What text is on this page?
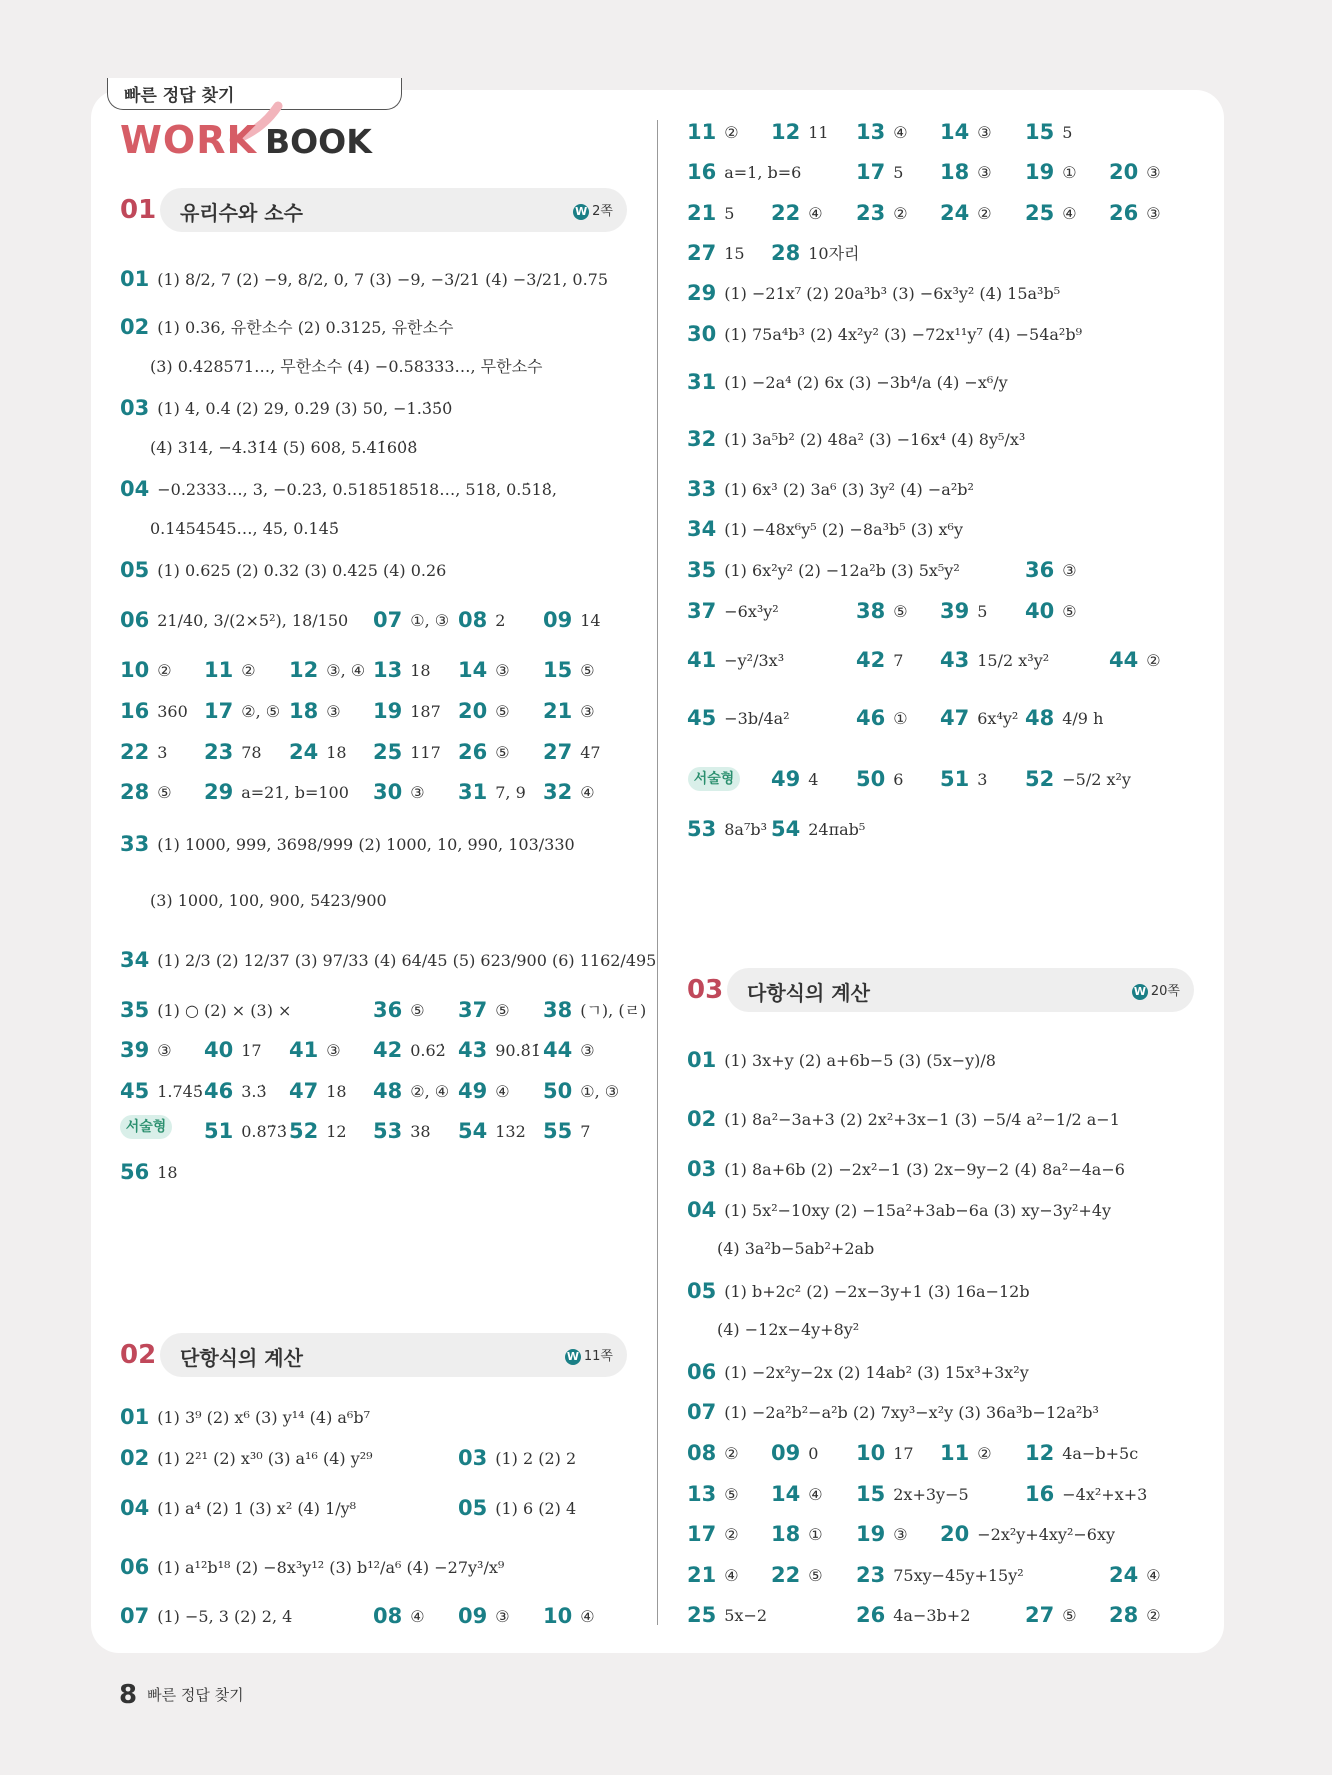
빠른 정답 찾기
WORK BOOK
01 유리수와 소수	W 2쪽
02 단항식의 계산	W 11쪽
03 다항식의 계산	W 20쪽
서술형
서술형
01 (1) 8/2, 7 (2) −9, 8/2, 0, 7 (3) −9, −3/21 (4) −3/21, 0.75
02 (1) 0.36, 유한소수 (2) 0.3125, 유한소수
(3) 0.428571…, 무한소수 (4) −0.58333…, 무한소수
03 (1) 4, 0.4̇ (2) 29, 0.2̇9̇ (3) 50, −1.3̇5̇0̇
(4) 314, −4.3̇1̇4̇ (5) 608, 5.41̇60̇8̇
04 −0.2333…, 3, −0.23̇, 0.518518518…, 518, 0.5̇18̇,
0.1454545…, 45, 0.14̇5̇
05 (1) 0.625 (2) 0.32 (3) 0.425 (4) 0.26
06 21/40, 3/(2×5²), 18/150 07 ①, ③ 08 2 09 14
10 ② 11 ② 12 ③, ④ 13 18 14 ③ 15 ⑤
16 360 17 ②, ⑤ 18 ③ 19 187 20 ⑤ 21 ③
22 3 23 78 24 18 25 117 26 ⑤ 27 47
28 ⑤ 29 a=21, b=100 30 ③ 31 7, 9 32 ④
33 (1) 1000, 999, 3698/999 (2) 1000, 10, 990, 103/330
(3) 1000, 100, 900, 5423/900
34 (1) 2/3 (2) 12/37 (3) 97/33 (4) 64/45 (5) 623/900 (6) 1162/495
35 (1) ○ (2) × (3) ×	36 ⑤ 37 ⑤ 38 (ㄱ), (ㄹ)
39 ③ 40 17 41 ③ 42 0.62̇ 43 90.8̇1̇ 44 ③
45 1.74̇5̇ 46 3.3̇ 47 18 48 ②, ④ 49 ④ 50 ①, ③
51 0.87̇3̇ 52 12 53 38 54 132 55 7
56 18
01 (1) 3⁹ (2) x⁶ (3) y¹⁴ (4) a⁶b⁷
02 (1) 2²¹ (2) x³⁰ (3) a¹⁶ (4) y²⁹	03 (1) 2 (2) 2
04 (1) a⁴ (2) 1 (3) x² (4) 1/y⁸	05 (1) 6 (2) 4
06 (1) a¹²b¹⁸ (2) −8x³y¹² (3) b¹²/a⁶ (4) −27y³/x⁹
07 (1) −5, 3 (2) 2, 4	08 ④ 09 ③ 10 ④
11 ② 12 11 13 ④ 14 ③ 15 5
16 a=1, b=6	17 5 18 ③ 19 ① 20 ③
21 5 22 ④ 23 ② 24 ② 25 ④ 26 ③
27 15 28 10자리
29 (1) −21x⁷ (2) 20a³b³ (3) −6x³y² (4) 15a³b⁵
30 (1) 75a⁴b³ (2) 4x²y² (3) −72x¹¹y⁷ (4) −54a²b⁹
31 (1) −2a⁴ (2) 6x (3) −3b⁴/a (4) −x⁶/y
32 (1) 3a⁵b² (2) 48a² (3) −16x⁴ (4) 8y⁵/x³
33 (1) 6x³ (2) 3a⁶ (3) 3y² (4) −a²b²
34 (1) −48x⁶y⁵ (2) −8a³b⁵ (3) x⁶y
35 (1) 6x²y² (2) −12a²b (3) 5x⁵y²	36 ③
37 −6x³y²	38 ⑤ 39 5 40 ⑤
41 −y²/3x³	42 7 43 15/2 x³y²	44 ②
45 −3b/4a²	46 ① 47 6x⁴y² 48 4/9 h
49 4 50 6 51 3 52 −5/2 x²y
53 8a⁷b³ 54 24πab⁵
01 (1) 3x+y (2) a+6b−5 (3) (5x−y)/8
02 (1) 8a²−3a+3 (2) 2x²+3x−1 (3) −5/4 a²−1/2 a−1
03 (1) 8a+6b (2) −2x²−1 (3) 2x−9y−2 (4) 8a²−4a−6
04 (1) 5x²−10xy (2) −15a²+3ab−6a (3) xy−3y²+4y
(4) 3a²b−5ab²+2ab
05 (1) b+2c² (2) −2x−3y+1 (3) 16a−12b
(4) −12x−4y+8y²
06 (1) −2x²y−2x (2) 14ab² (3) 15x³+3x²y
07 (1) −2a²b²−a²b (2) 7xy³−x²y (3) 36a³b−12a²b³
08 ② 09 0 10 17 11 ② 12 4a−b+5c
13 ⑤ 14 ④ 15 2x+3y−5	16 −4x²+x+3
17 ② 18 ① 19 ③ 20 −2x²y+4xy²−6xy
21 ④ 22 ⑤ 23 75xy−45y+15y²	24 ④
25 5x−2	26 4a−3b+2	27 ⑤ 28 ②
8 빠른 정답 찾기
